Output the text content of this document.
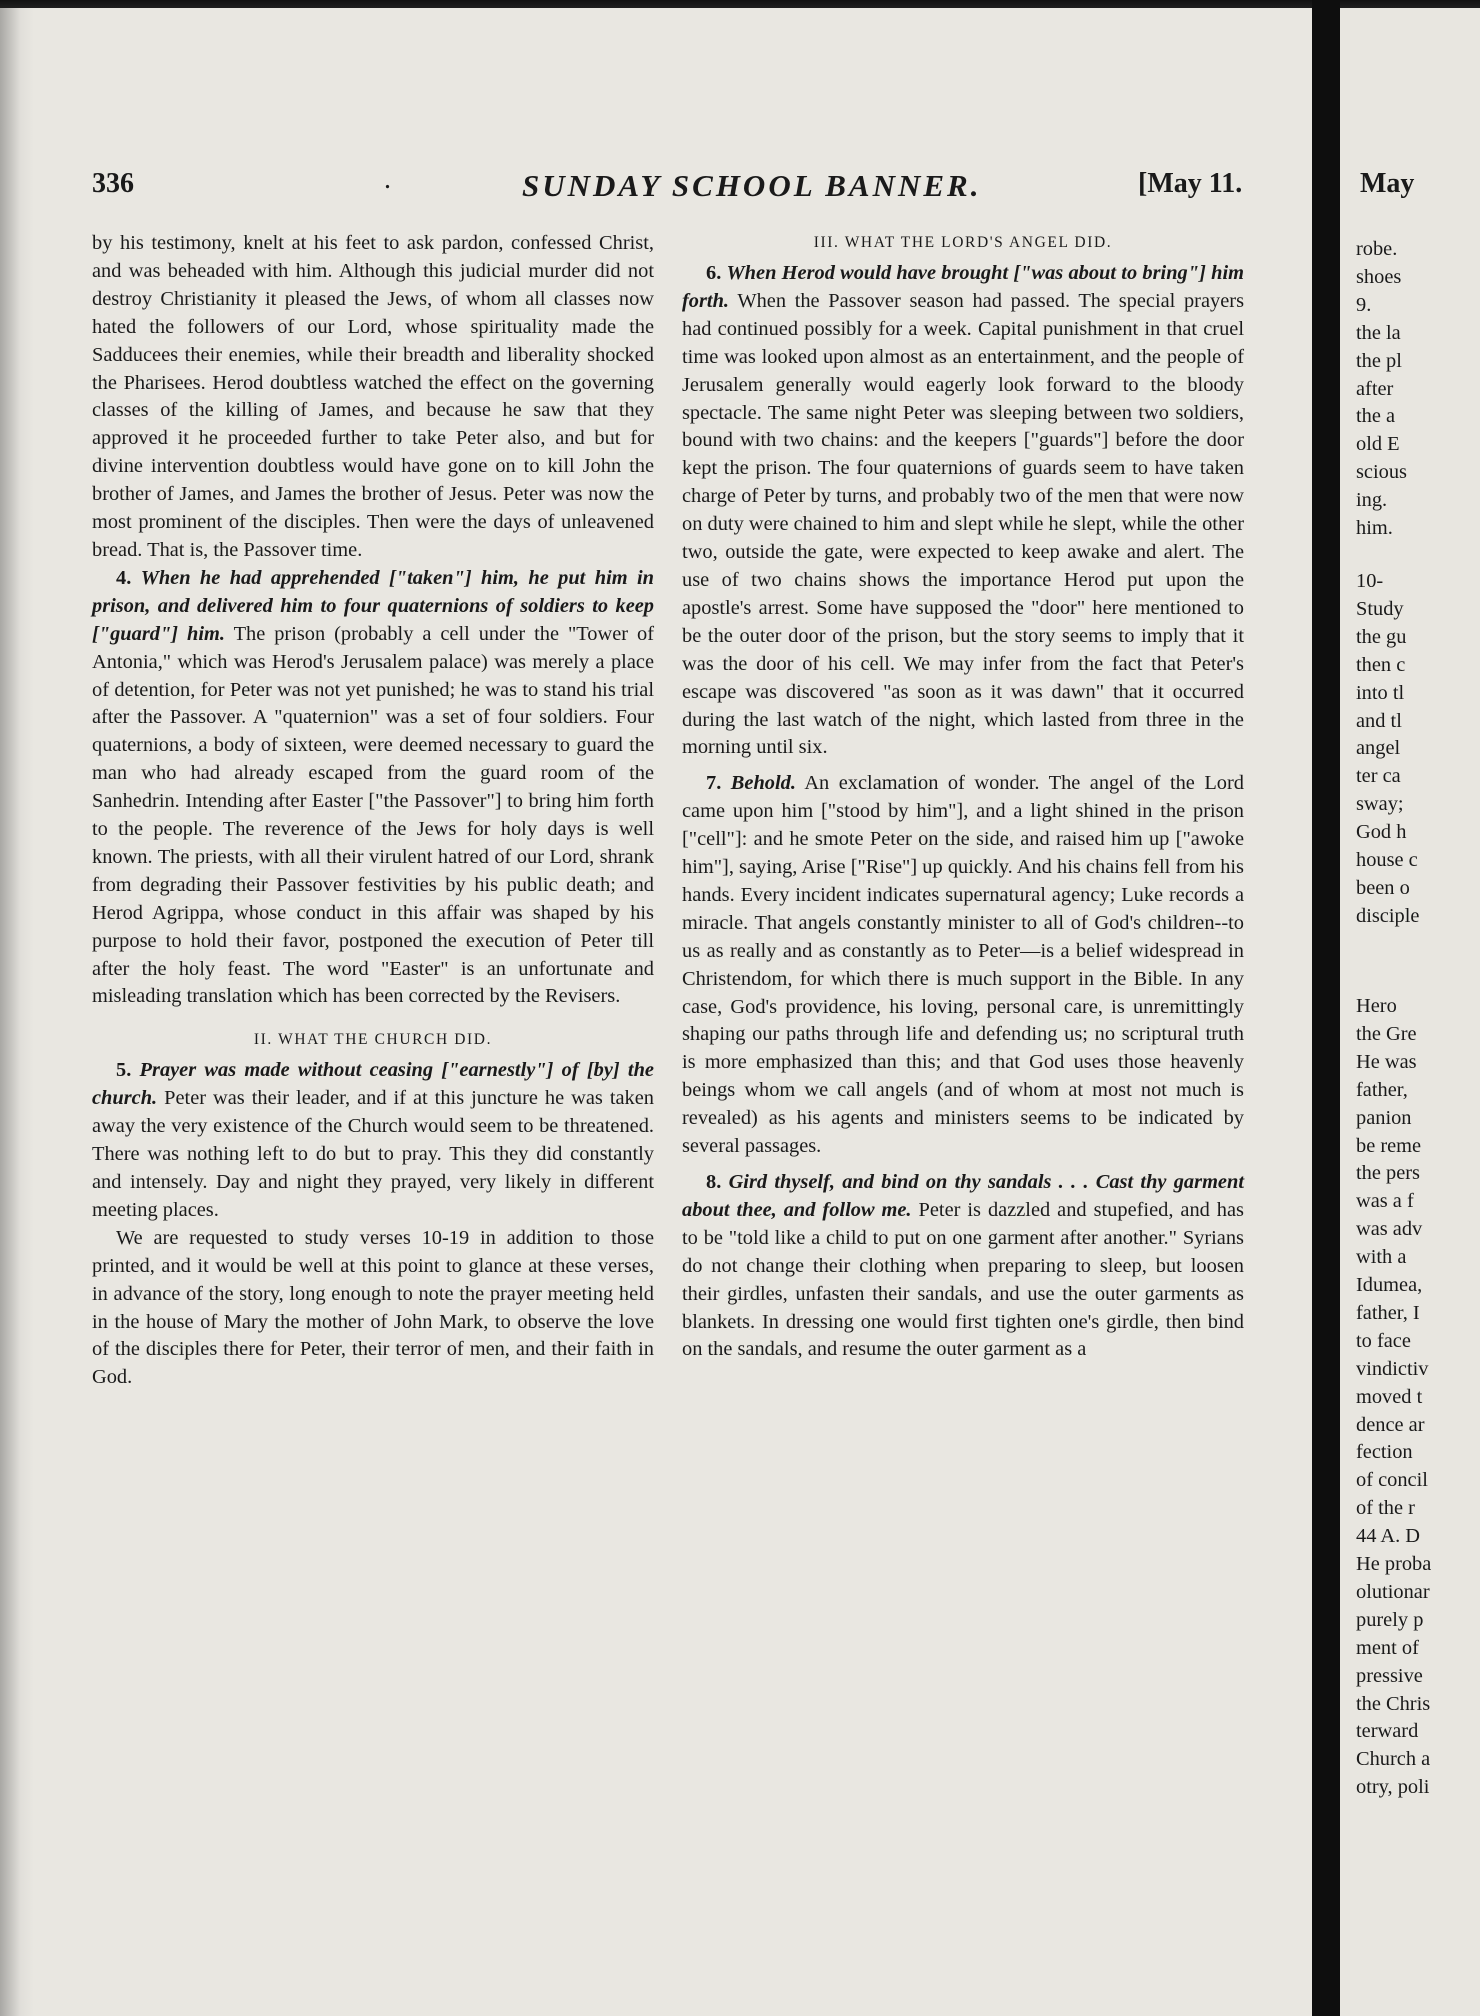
336	.	SUNDAY SCHOOL BANNER.	[May 11.

by his testimony, knelt at his feet to ask pardon, confessed Christ, and was beheaded with him. Although this judicial murder did not destroy Christianity it pleased the Jews, of whom all classes now hated the followers of our Lord, whose spirituality made the Sadducees their enemies, while their breadth and liberality shocked the Pharisees. Herod doubtless watched the effect on the governing classes of the killing of James, and because he saw that they approved it he proceeded further to take Peter also, and but for divine intervention doubtless would have gone on to kill John the brother of James, and James the brother of Jesus. Peter was now the most prominent of the disciples. Then were the days of unleavened bread. That is, the Passover time.

4. When he had apprehended ["taken"] him, he put him in prison, and delivered him to four quaternions of soldiers to keep ["guard"] him. The prison (probably a cell under the "Tower of Antonia," which was Herod's Jerusalem palace) was merely a place of detention, for Peter was not yet punished; he was to stand his trial after the Passover. A "quaternion" was a set of four soldiers. Four quaternions, a body of sixteen, were deemed necessary to guard the man who had already escaped from the guard room of the Sanhedrin. Intending after Easter ["the Passover"] to bring him forth to the people. The reverence of the Jews for holy days is well known. The priests, with all their virulent hatred of our Lord, shrank from degrading their Passover festivities by his public death; and Herod Agrippa, whose conduct in this affair was shaped by his purpose to hold their favor, postponed the execution of Peter till after the holy feast. The word "Easter" is an unfortunate and misleading translation which has been corrected by the Revisers.

II. WHAT THE CHURCH DID.

5. Prayer was made without ceasing ["earnestly"] of [by] the church. Peter was their leader, and if at this juncture he was taken away the very existence of the Church would seem to be threatened. There was nothing left to do but to pray. This they did constantly and intensely. Day and night they prayed, very likely in different meeting places.

We are requested to study verses 10-19 in addition to those printed, and it would be well at this point to glance at these verses, in advance of the story, long enough to note the prayer meeting held in the house of Mary the mother of John Mark, to observe the love of the disciples there for Peter, their terror of men, and their faith in God.

III. WHAT THE LORD'S ANGEL DID.

6. When Herod would have brought ["was about to bring"] him forth. When the Passover season had passed. The special prayers had continued possibly for a week. Capital punishment in that cruel time was looked upon almost as an entertainment, and the people of Jerusalem generally would eagerly look forward to the bloody spectacle. The same night Peter was sleeping between two soldiers, bound with two chains: and the keepers ["guards"] before the door kept the prison. The four quaternions of guards seem to have taken charge of Peter by turns, and probably two of the men that were now on duty were chained to him and slept while he slept, while the other two, outside the gate, were expected to keep awake and alert. The use of two chains shows the importance Herod put upon the apostle's arrest. Some have supposed the "door" here mentioned to be the outer door of the prison, but the story seems to imply that it was the door of his cell. We may infer from the fact that Peter's escape was discovered "as soon as it was dawn" that it occurred during the last watch of the night, which lasted from three in the morning until six.

7. Behold. An exclamation of wonder. The angel of the Lord came upon him ["stood by him"], and a light shined in the prison ["cell"]: and he smote Peter on the side, and raised him up ["awoke him"], saying, Arise ["Rise"] up quickly. And his chains fell from his hands. Every incident indicates supernatural agency; Luke records a miracle. That angels constantly minister to all of God's children--to us as really and as constantly as to Peter—is a belief widespread in Christendom, for which there is much support in the Bible. In any case, God's providence, his loving, personal care, is unremittingly shaping our paths through life and defending us; no scriptural truth is more emphasized than this; and that God uses those heavenly beings whom we call angels (and of whom at most not much is revealed) as his agents and ministers seems to be indicated by several passages.

8. Gird thyself, and bind on thy sandals . . . Cast thy garment about thee, and follow me. Peter is dazzled and stupefied, and has to be "told like a child to put on one garment after another." Syrians do not change their clothing when preparing to sleep, but loosen their girdles, unfasten their sandals, and use the outer garments as blankets. In dressing one would first tighten one's girdle, then bind on the sandals, and resume the outer garment as a

May
robe.
shoes
9.
the la
the pl
after
the a
old E
scious
ing.
him.
10-
Study
the gu
then c
into tl
and tl
angel
ter ca
sway;
God h
house c
been o
disciple
Hero
the Gre
He was
father,
panion
be reme
the pers
was a f
was adv
with a
Idumea,
father, I
to face
vindictiv
moved t
dence ar
fection
of concil
of the r
44 A. D
He proba
olutionar
purely p
ment of
pressive
the Chris
terward
Church a
otry, poli
